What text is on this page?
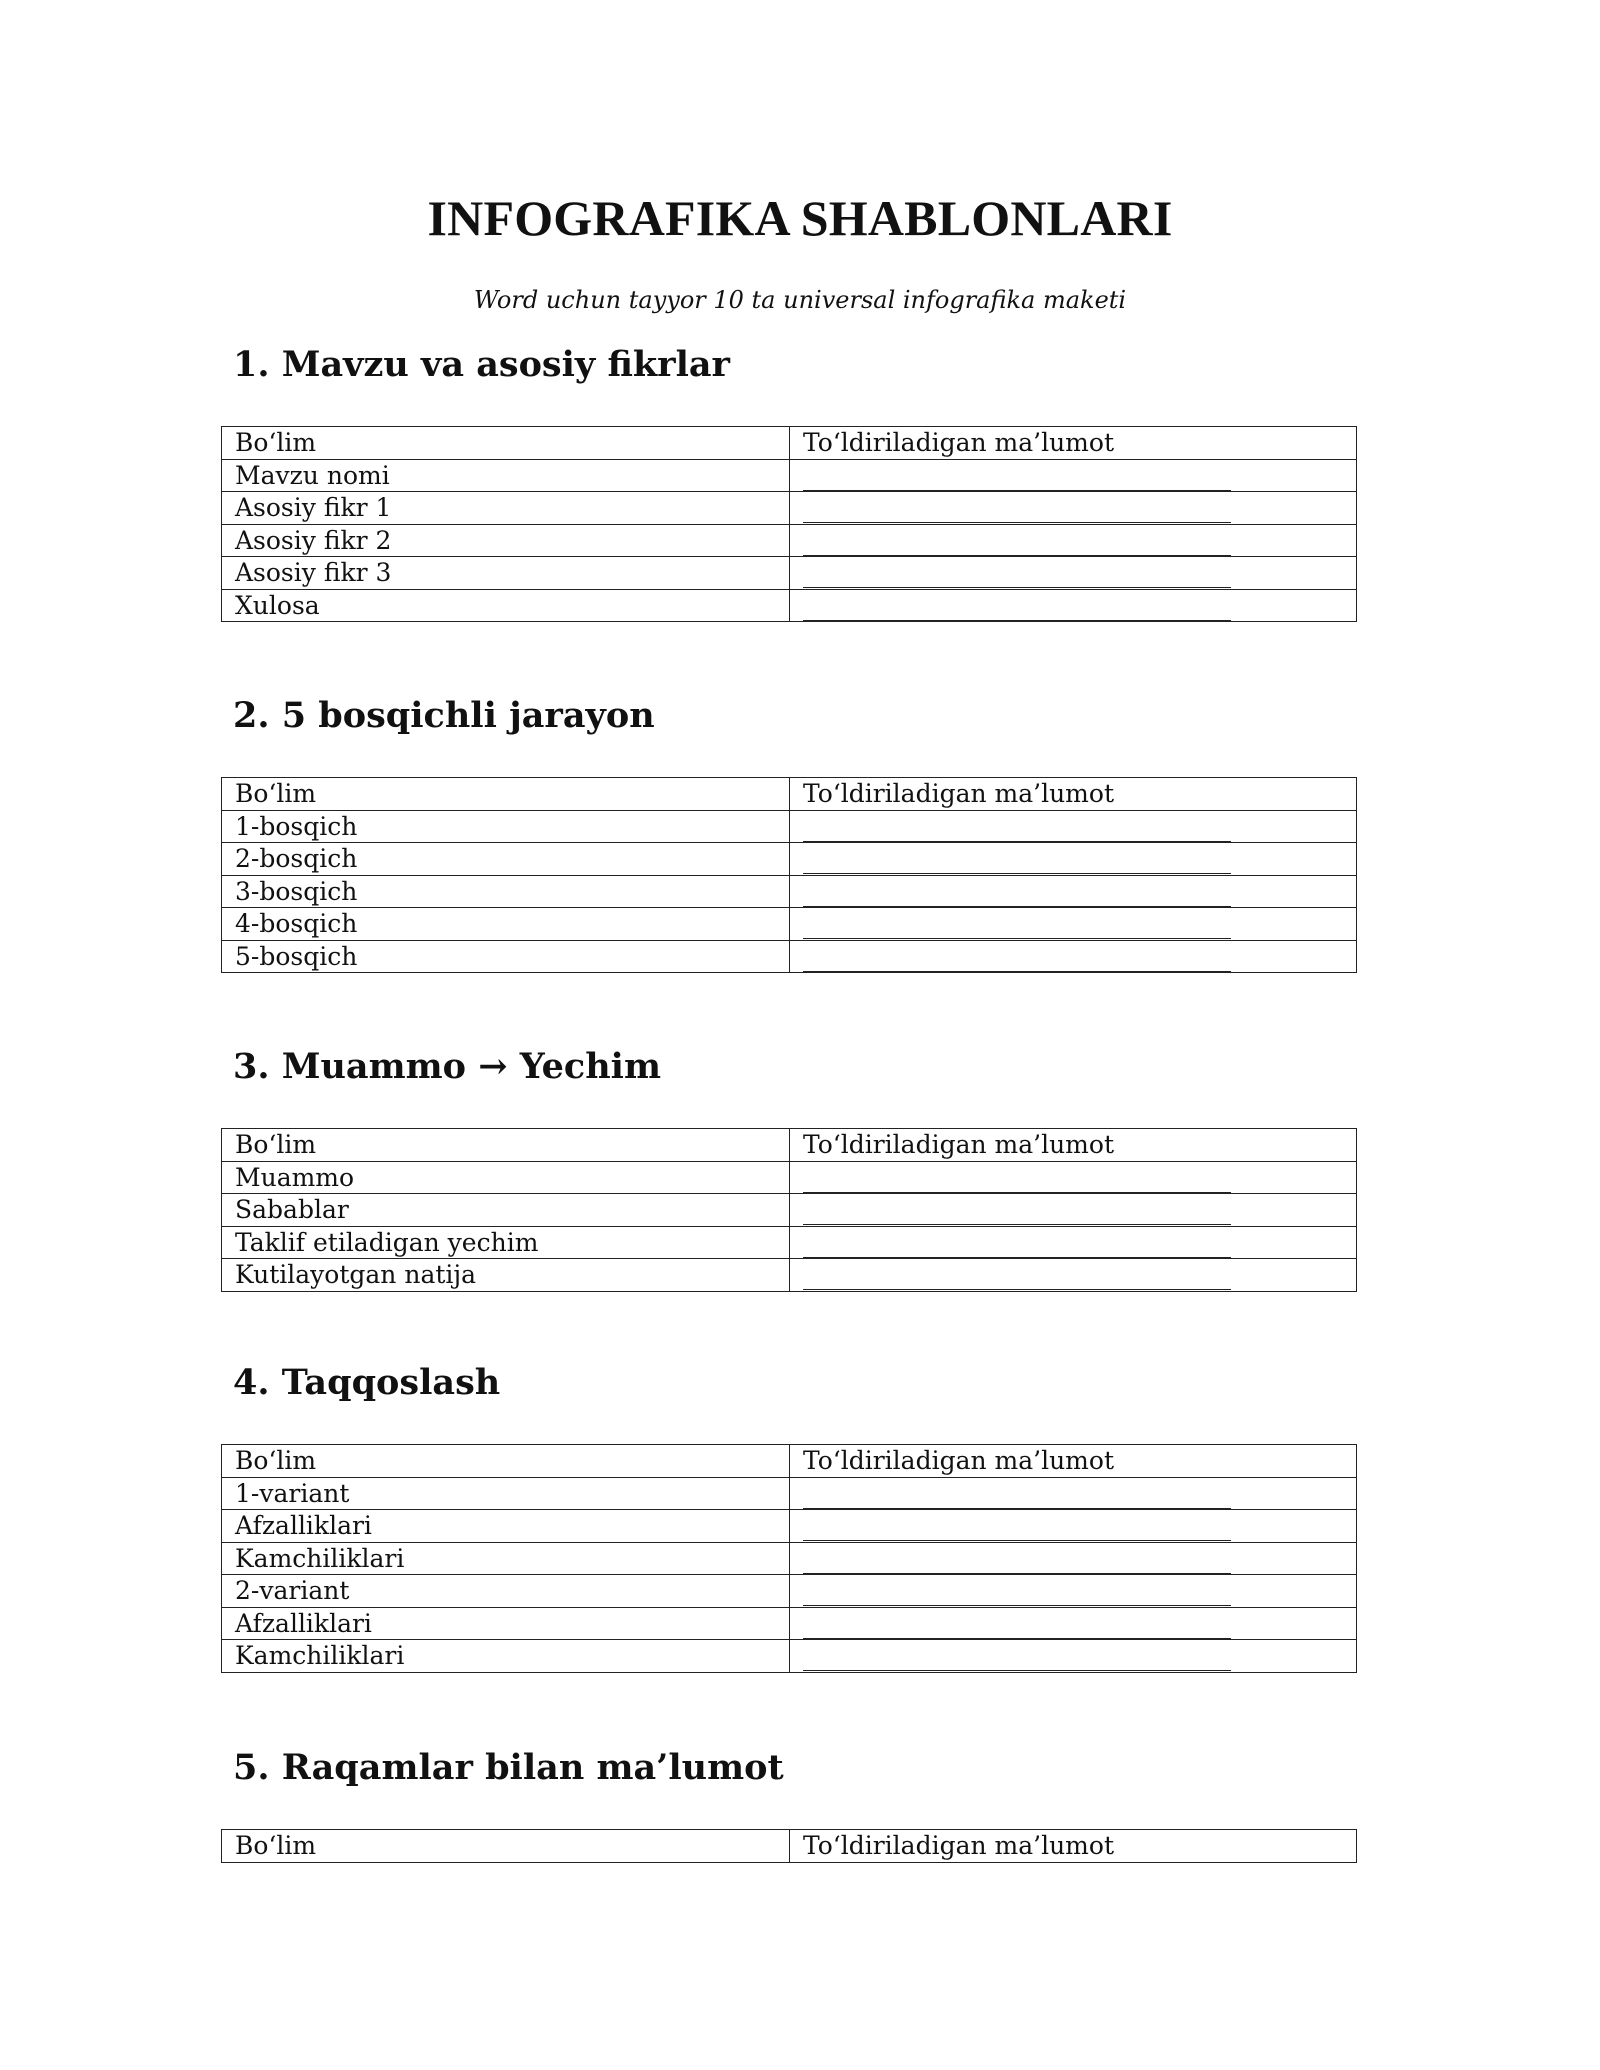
INFOGRAFIKA SHABLONLARI

Word uchun tayyor 10 ta universal infografika maketi

1. Mavzu va asosiy fikrlar
Bo‘lim	To‘ldiriladigan ma’lumot
Mavzu nomi	
Asosiy fikr 1	
Asosiy fikr 2	
Asosiy fikr 3	
Xulosa	
2. 5 bosqichli jarayon
Bo‘lim	To‘ldiriladigan ma’lumot
1-bosqich	
2-bosqich	
3-bosqich	
4-bosqich	
5-bosqich	
3. Muammo → Yechim
Bo‘lim	To‘ldiriladigan ma’lumot
Muammo	
Sabablar	
Taklif etiladigan yechim	
Kutilayotgan natija	
4. Taqqoslash
Bo‘lim	To‘ldiriladigan ma’lumot
1-variant	
Afzalliklari	
Kamchiliklari	
2-variant	
Afzalliklari	
Kamchiliklari	
5. Raqamlar bilan ma’lumot
Bo‘lim	To‘ldiriladigan ma’lumot
